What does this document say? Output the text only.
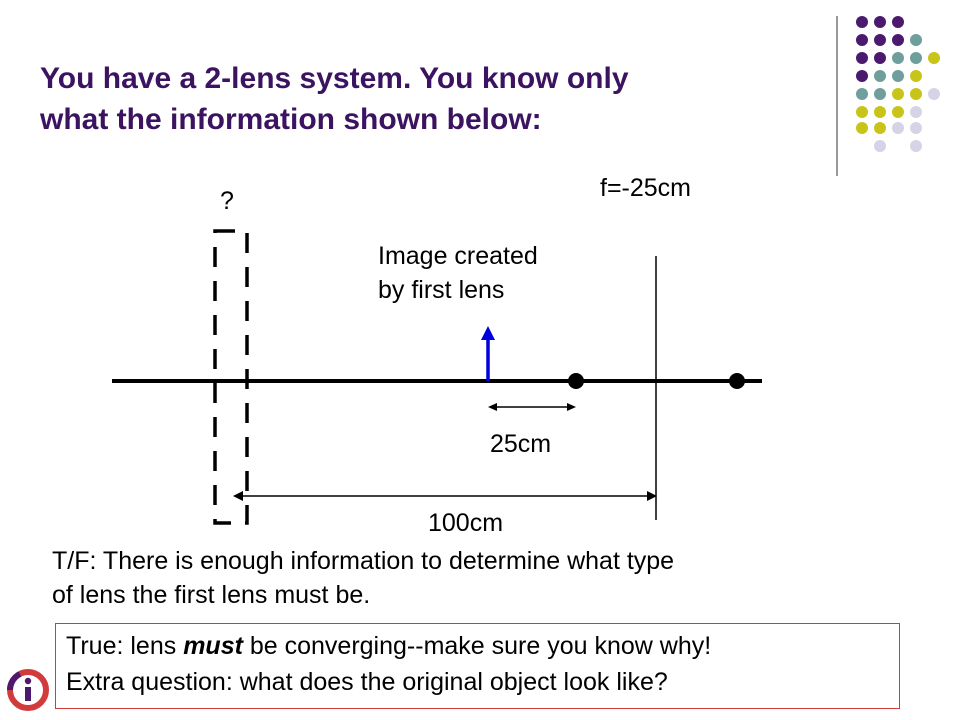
You have a 2-lens system. You know only
what the information shown below:
?	f=-25cm
Image created
by first lens
25cm
100cm
T/F: There is enough information to determine what type
of lens the first lens must be.
True: lens must be converging--make sure you know why!
Extra question: what does the original object look like?
